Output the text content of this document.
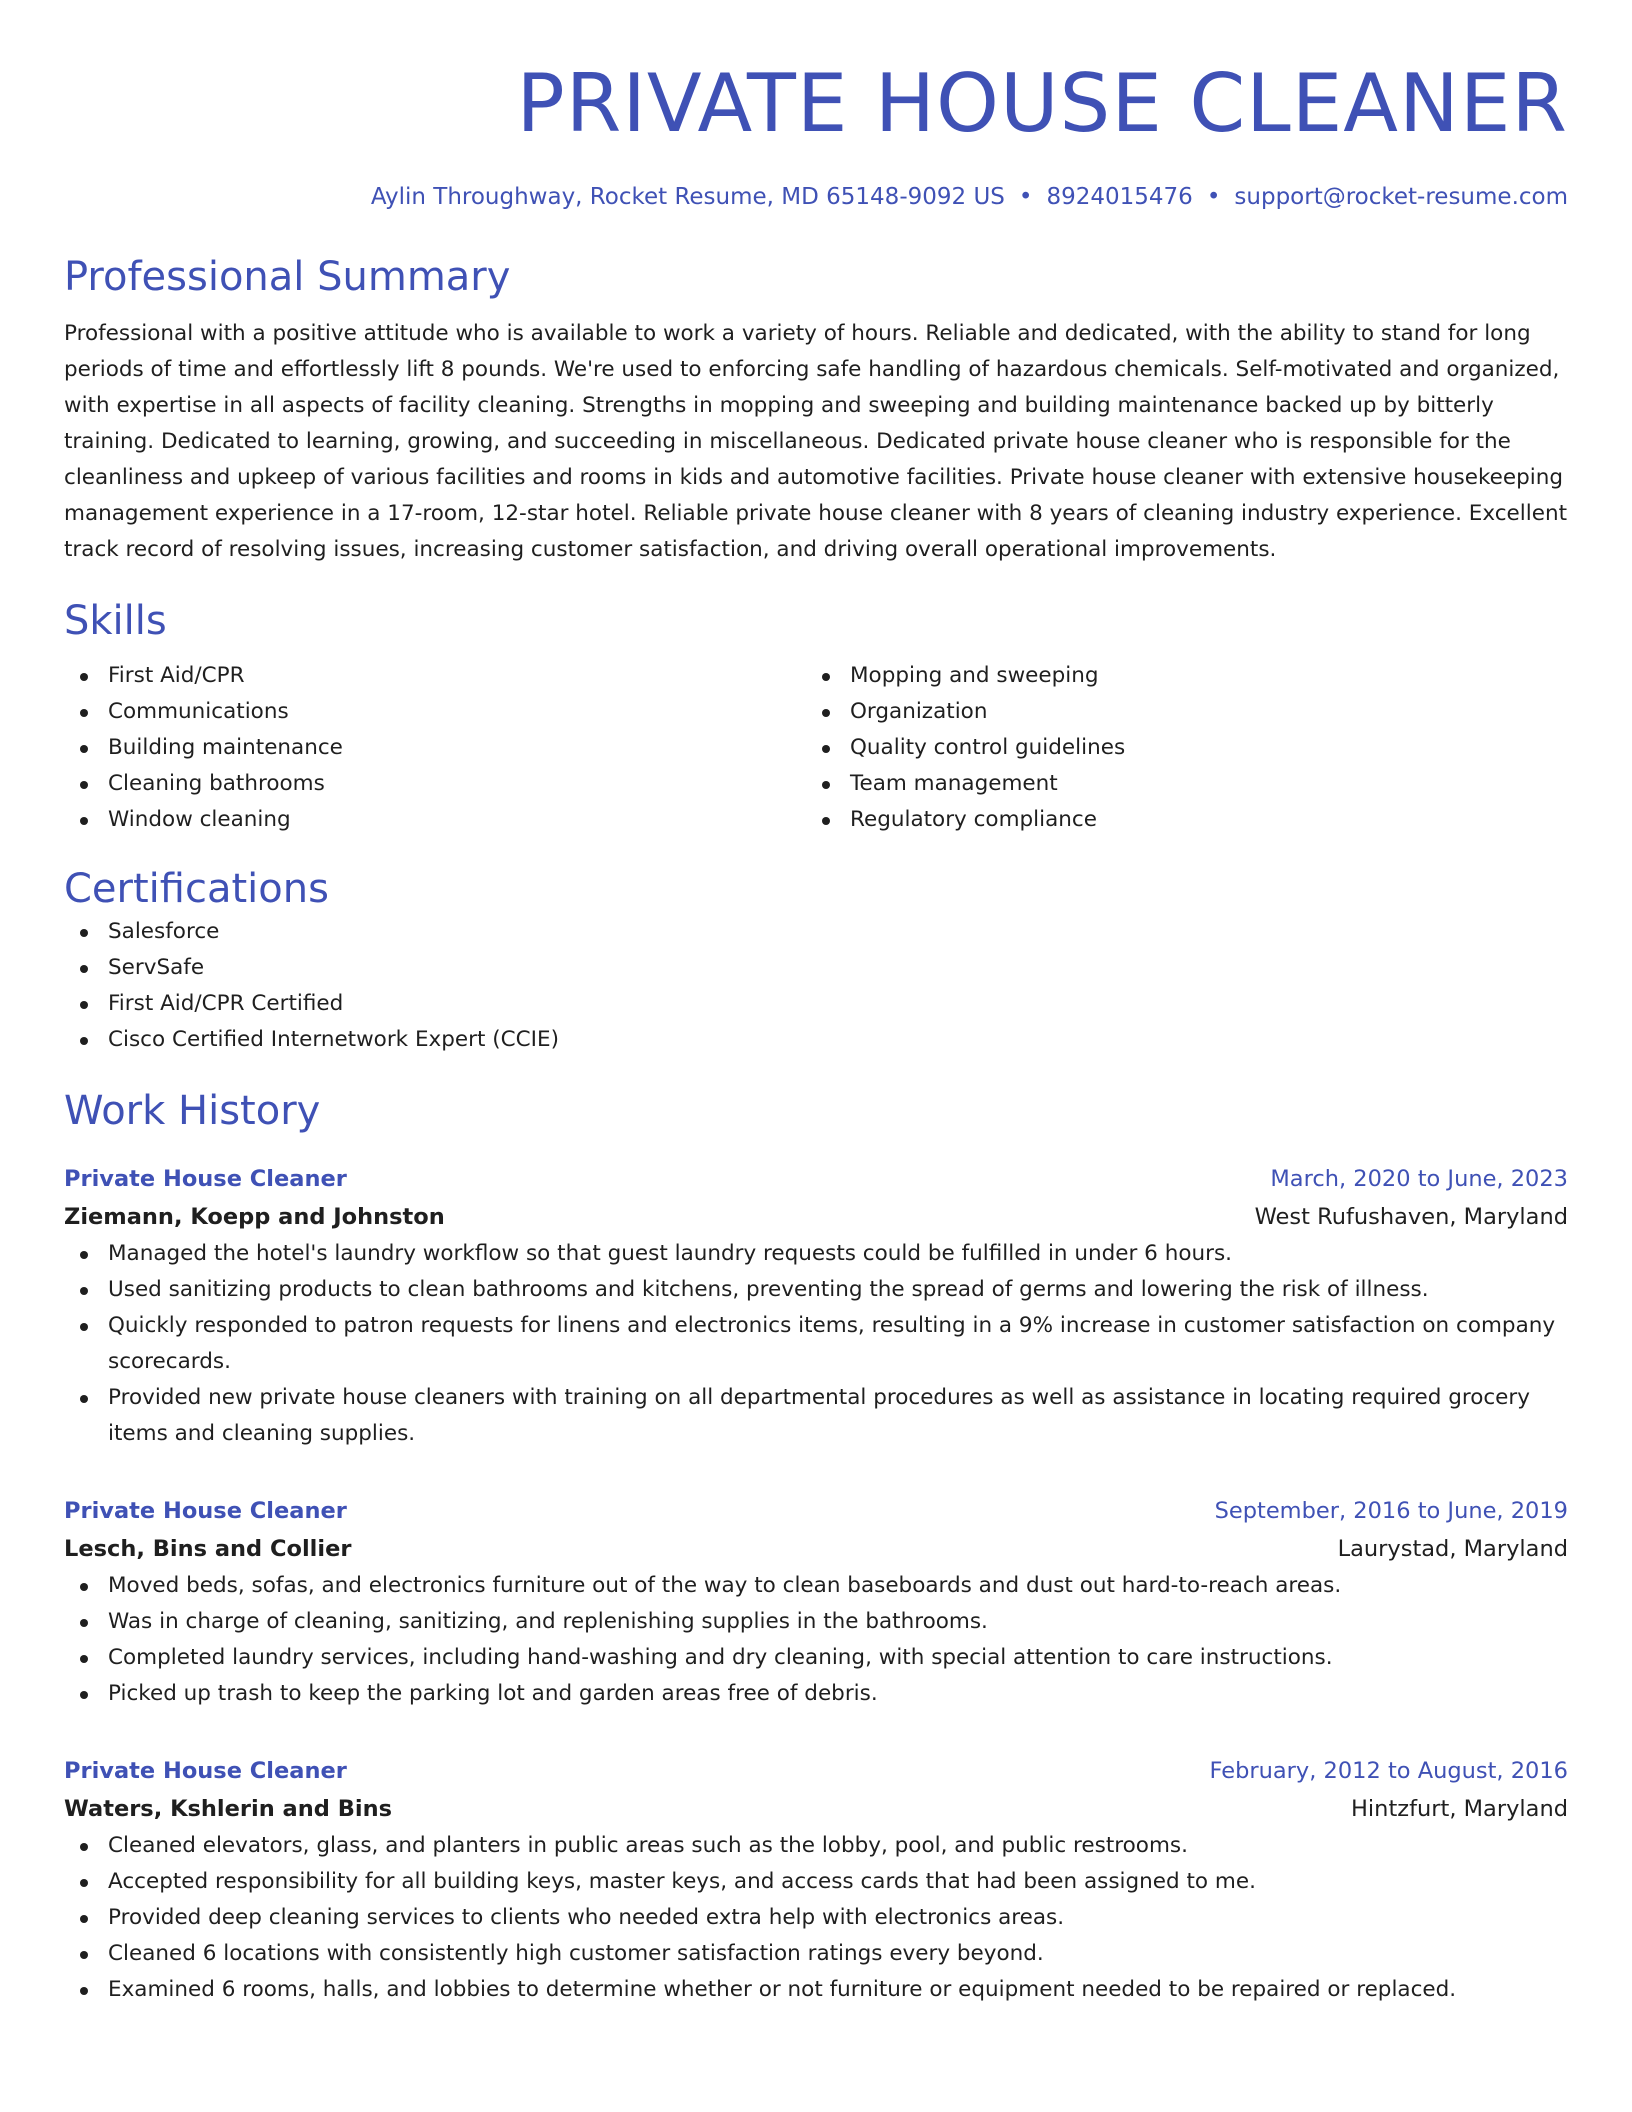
PRIVATE HOUSE CLEANER
Aylin Throughway, Rocket Resume, MD 65148-9092 US • 8924015476 • support@rocket-resume.com
Professional Summary
Professional with a positive attitude who is available to work a variety of hours. Reliable and dedicated, with the ability to stand for long periods of time and effortlessly lift 8 pounds. We're used to enforcing safe handling of hazardous chemicals. Self-motivated and organized, with expertise in all aspects of facility cleaning. Strengths in mopping and sweeping and building maintenance backed up by bitterly training. Dedicated to learning, growing, and succeeding in miscellaneous. Dedicated private house cleaner who is responsible for the cleanliness and upkeep of various facilities and rooms in kids and automotive facilities. Private house cleaner with extensive housekeeping management experience in a 17-room, 12-star hotel. Reliable private house cleaner with 8 years of cleaning industry experience. Excellent track record of resolving issues, increasing customer satisfaction, and driving overall operational improvements.
Skills
First Aid/CPR
Communications
Building maintenance
Cleaning bathrooms
Window cleaning
Mopping and sweeping
Organization
Quality control guidelines
Team management
Regulatory compliance
Certifications
Salesforce
ServSafe
First Aid/CPR Certified
Cisco Certified Internetwork Expert (CCIE)
Work History
Private House Cleaner	March, 2020 to June, 2023
Ziemann, Koepp and Johnston	West Rufushaven, Maryland
Managed the hotel's laundry workflow so that guest laundry requests could be fulfilled in under 6 hours.
Used sanitizing products to clean bathrooms and kitchens, preventing the spread of germs and lowering the risk of illness.
Quickly responded to patron requests for linens and electronics items, resulting in a 9% increase in customer satisfaction on company scorecards.
Provided new private house cleaners with training on all departmental procedures as well as assistance in locating required grocery items and cleaning supplies.
Private House Cleaner	September, 2016 to June, 2019
Lesch, Bins and Collier	Laurystad, Maryland
Moved beds, sofas, and electronics furniture out of the way to clean baseboards and dust out hard-to-reach areas.
Was in charge of cleaning, sanitizing, and replenishing supplies in the bathrooms.
Completed laundry services, including hand-washing and dry cleaning, with special attention to care instructions.
Picked up trash to keep the parking lot and garden areas free of debris.
Private House Cleaner	February, 2012 to August, 2016
Waters, Kshlerin and Bins	Hintzfurt, Maryland
Cleaned elevators, glass, and planters in public areas such as the lobby, pool, and public restrooms.
Accepted responsibility for all building keys, master keys, and access cards that had been assigned to me.
Provided deep cleaning services to clients who needed extra help with electronics areas.
Cleaned 6 locations with consistently high customer satisfaction ratings every beyond.
Examined 6 rooms, halls, and lobbies to determine whether or not furniture or equipment needed to be repaired or replaced.
